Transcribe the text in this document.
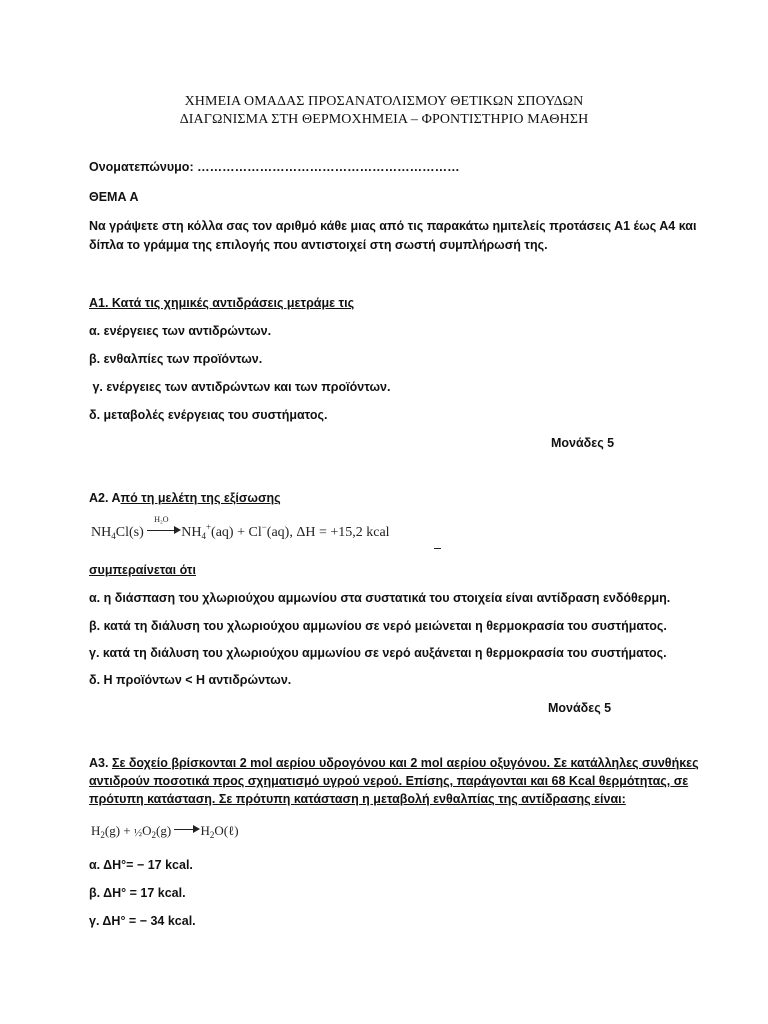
ΧΗΜΕΙΑ ΟΜΑΔΑΣ ΠΡΟΣΑΝΑΤΟΛΙΣΜΟΥ ΘΕΤΙΚΩΝ ΣΠΟΥΔΩΝ
ΔΙΑΓΩΝΙΣΜΑ ΣΤΗ ΘΕΡΜΟΧΗΜΕΙΑ – ΦΡΟΝΤΙΣΤΗΡΙΟ ΜΑΘΗΣΗ
Ονοματεπώνυμο: ………………………………………………………
ΘΕΜΑ Α
Να γράψετε στη κόλλα σας τον αριθμό κάθε μιας από τις παρακάτω ημιτελείς προτάσεις Α1 έως Α4 και
δίπλα το γράμμα της επιλογής που αντιστοιχεί στη σωστή συμπλήρωσή της.
Α1. Κατά τις χημικές αντιδράσεις μετράμε τις
α. ενέργειες των αντιδρώντων.
β. ενθαλπίες των προϊόντων.
γ. ενέργειες των αντιδρώντων και των προϊόντων.
δ. μεταβολές ενέργειας του συστήματος.
Μονάδες 5
Α2. Από τη μελέτη της εξίσωσης
$NH_4Cl(s)$
H₂O
$NH_4^+(aq) + Cl^-(aq)$, ΔH = +15,2 kcal
συμπεραίνεται ότι
α. η διάσπαση του χλωριούχου αμμωνίου στα συστατικά του στοιχεία είναι αντίδραση ενδόθερμη.
β. κατά τη διάλυση του χλωριούχου αμμωνίου σε νερό μειώνεται η θερμοκρασία του συστήματος.
γ. κατά τη διάλυση του χλωριούχου αμμωνίου σε νερό αυξάνεται η θερμοκρασία του συστήματος.
δ. Η προϊόντων < Η αντιδρώντων.
Μονάδες 5
Α3. Σε δοχείο βρίσκονται 2 mol αερίου υδρογόνου και 2 mol αερίου οξυγόνου. Σε κατάλληλες συνθήκες
αντιδρούν ποσοτικά προς σχηματισμό υγρού νερού. Επίσης, παράγονται και 68 Kcal θερμότητας, σε
πρότυπη κατάσταση. Σε πρότυπη κατάσταση η μεταβολή ενθαλπίας της αντίδρασης είναι:
$H_2(g)$ + $\frac{1}{2}O_2(g)$ $H_2O(\ell)$
α. ΔΗ°= − 17 kcal.
β. ΔΗ° = 17 kcal.
γ. ΔΗ° = − 34 kcal.
